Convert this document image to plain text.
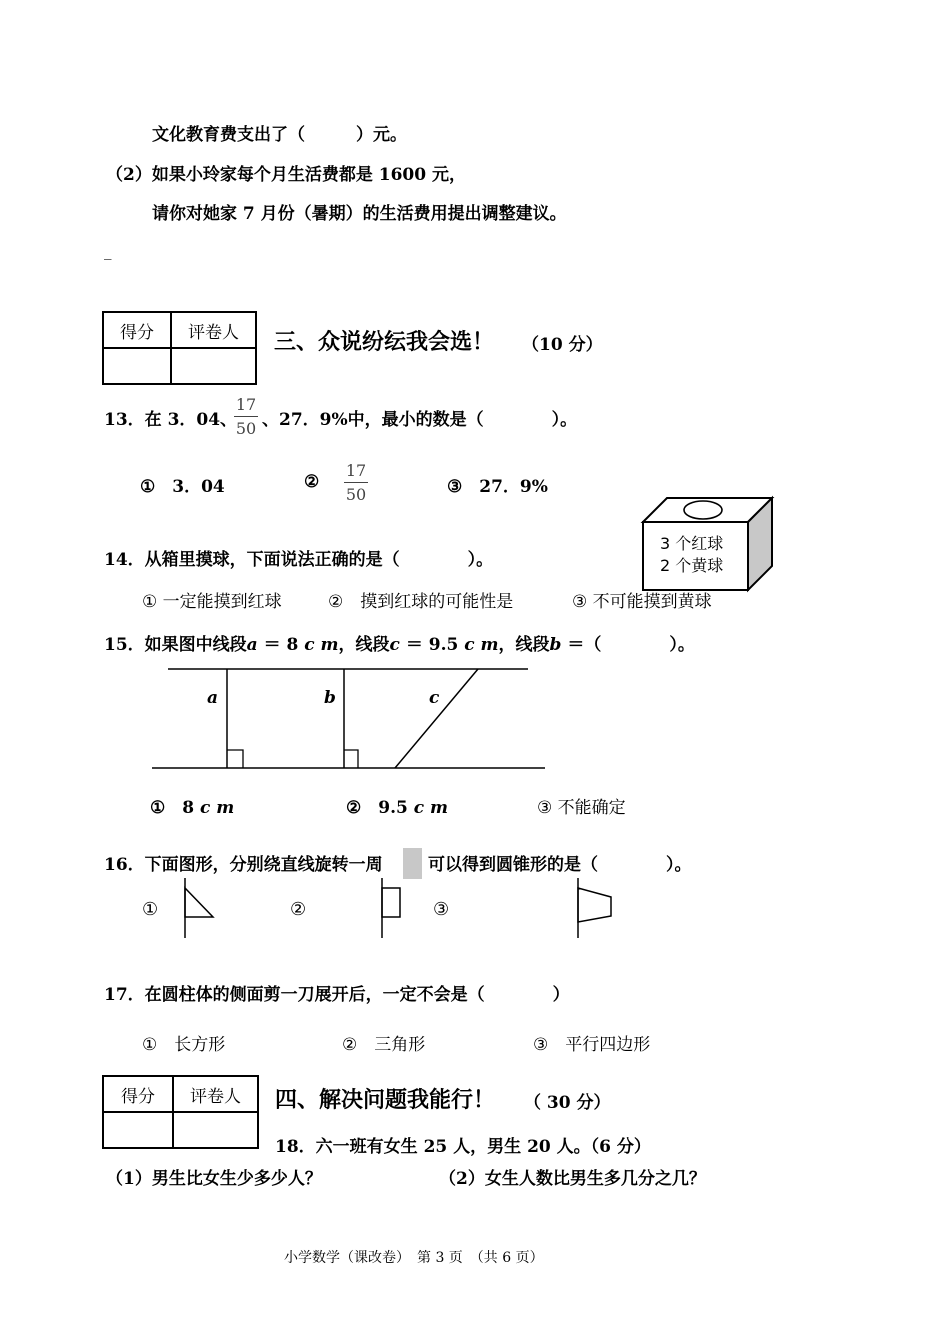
文化教育费支出了（　　　）元。
（2）如果小玲家每个月生活费都是 1600 元，
请你对她家 7 月份（暑期）的生活费用提出调整建议。
_
得分	评卷人
	三、众说纷纭我会选！ （10 分）
13．在 3．04、
$\frac{17}{50}$ 、27．9%中，最小的数是（　　　　）。
①　3．04	② $\frac{17}{50}$	③　27．9%
3 个红球
2 个黄球
14．从箱里摸球，下面说法正确的是（　　　　）。
① 一定能摸到红球	②　摸到红球的可能性是	③ 不可能摸到黄球
15．如果图中线段a ＝ 8 c m，线段c ＝ 9.5 c m，线段b ＝（　　　　）。
a	b	c
①　8 c m	②　9.5 c m	③ 不能确定
16．下面图形，分别绕直线旋转一周	可以得到圆锥形的是（　　　　）。
①	②	③
17．在圆柱体的侧面剪一刀展开后，一定不会是（　　　　）
①　长方形	②　三角形	③　平行四边形
得分	评卷人
	四、解决问题我能行！ （ 30 分）
18．六一班有女生 25 人，男生 20 人。（6 分）
（1）男生比女生少多少人？	（2）女生人数比男生多几分之几？
小学数学（课改卷）　第 3 页　（共 6 页）
